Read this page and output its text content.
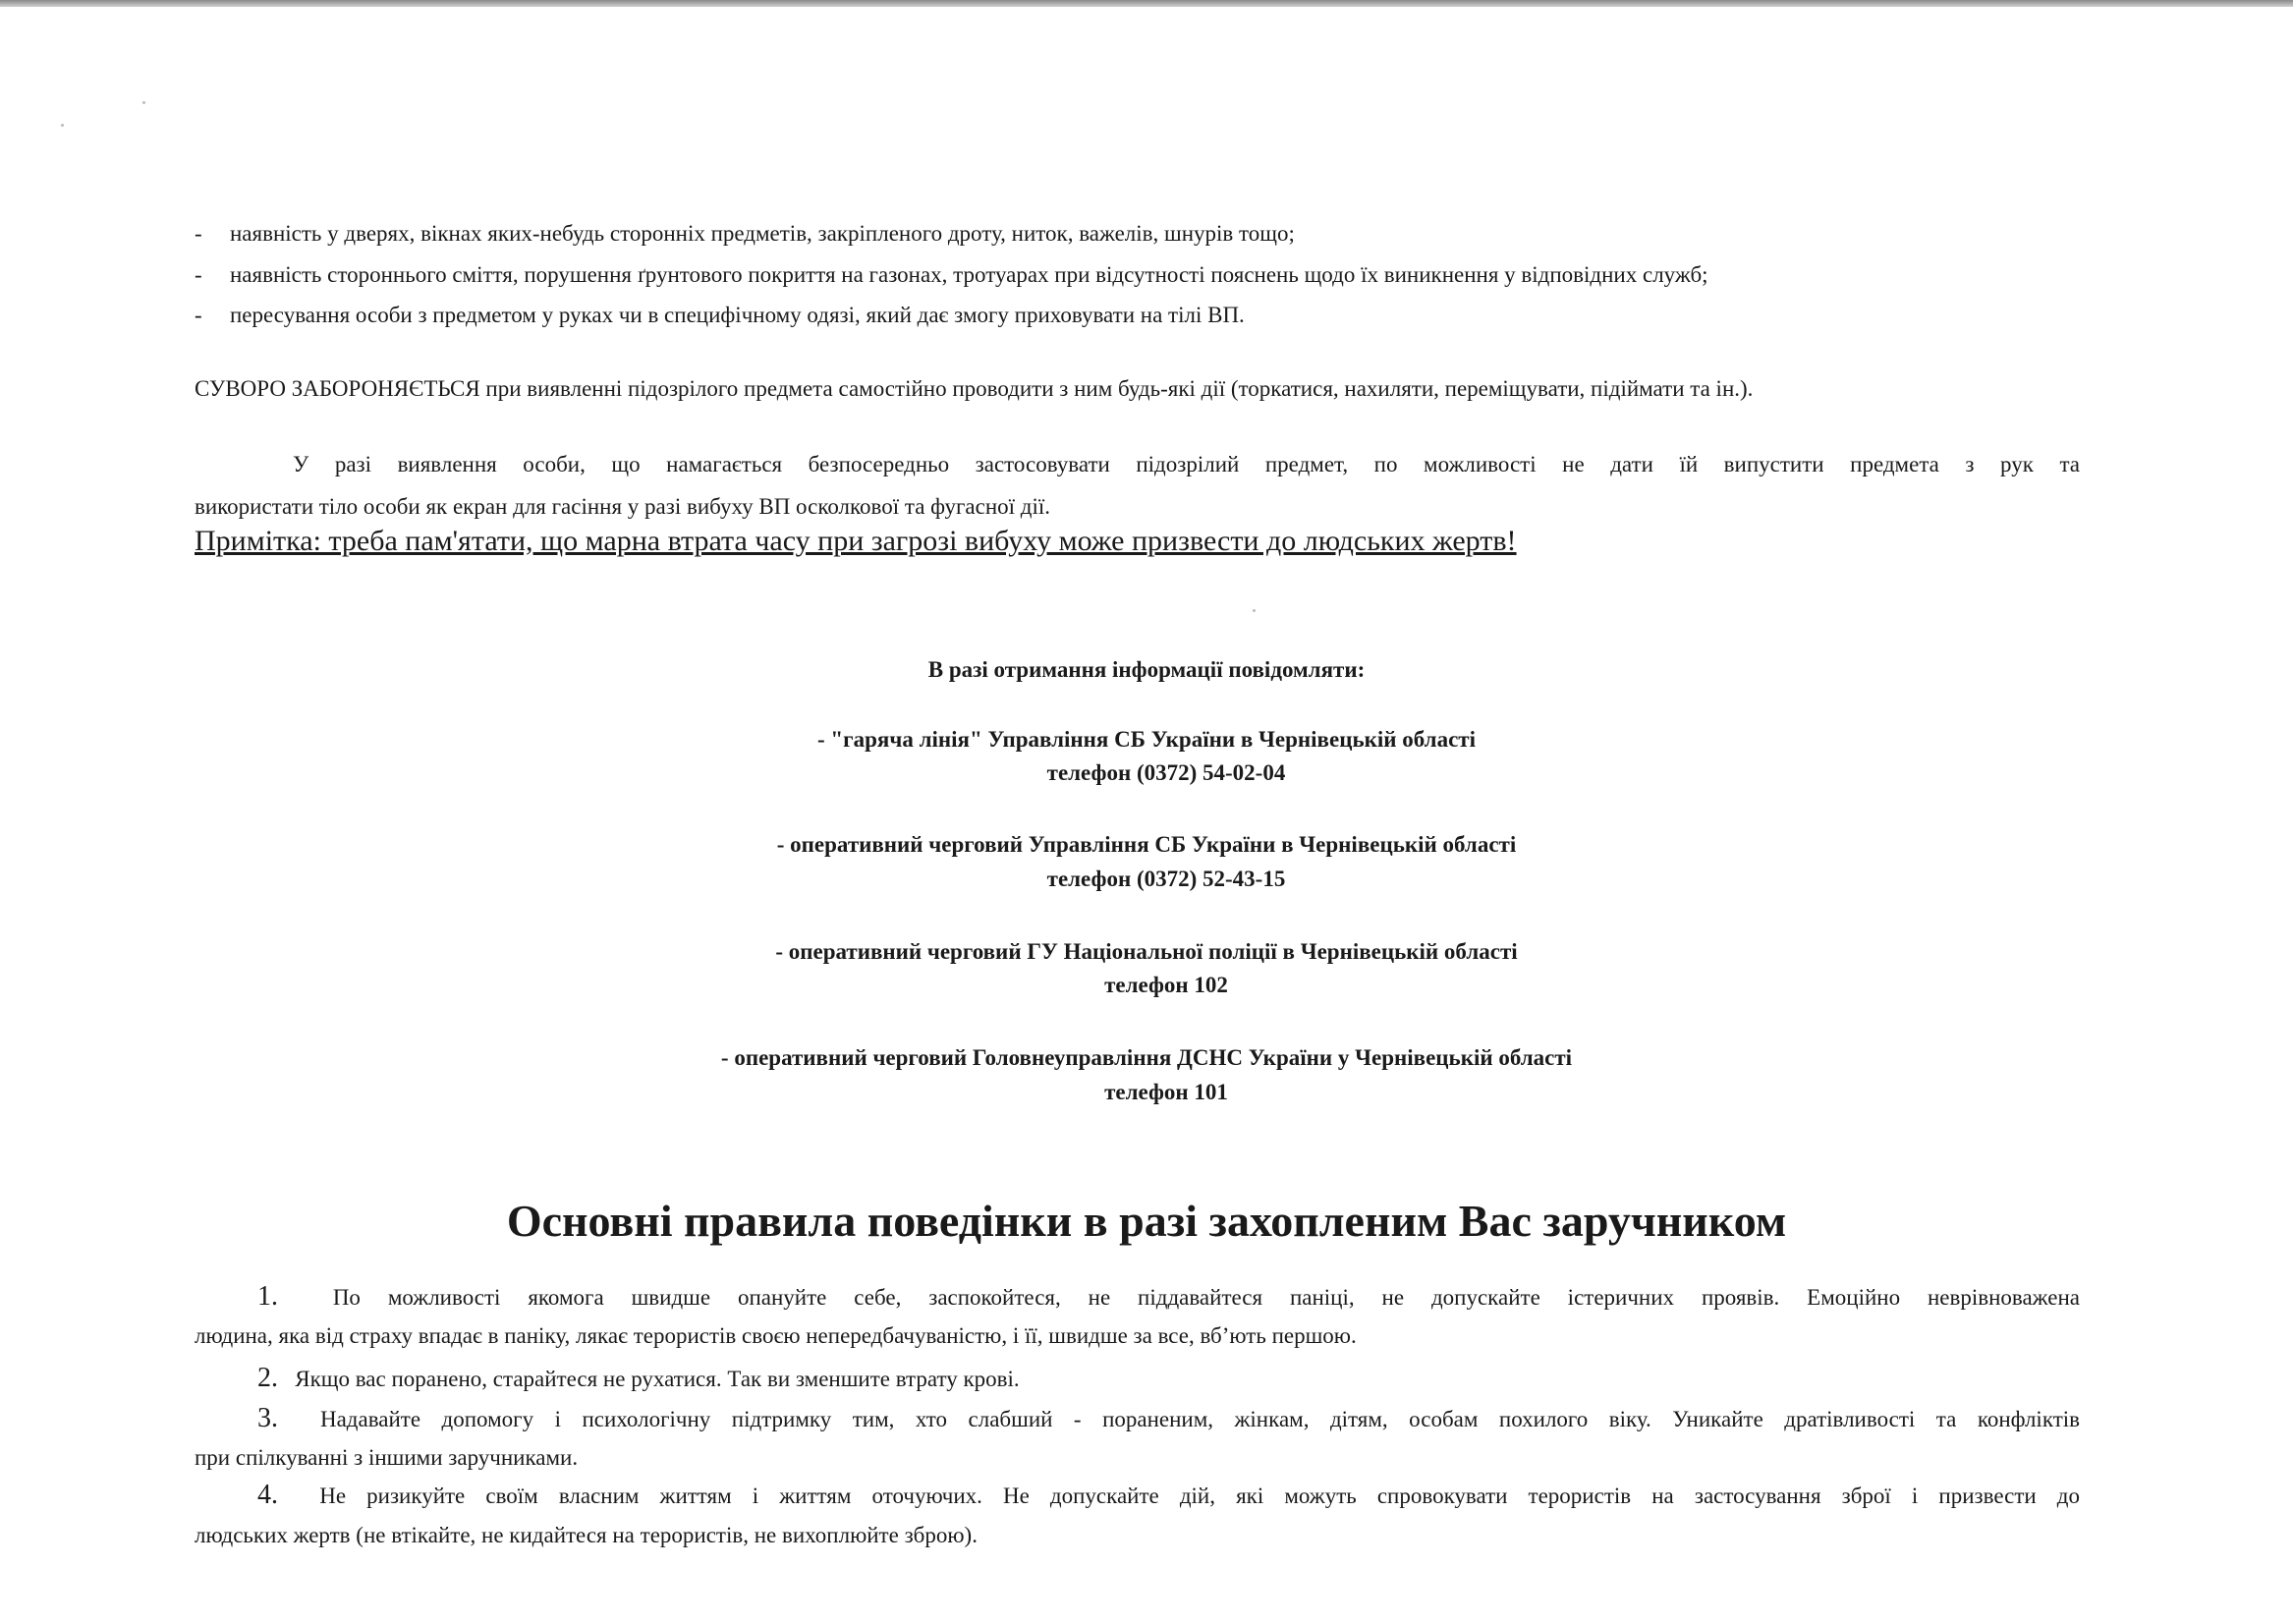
- наявність у дверях, вікнах яких-небудь сторонніх предметів, закріпленого дроту, ниток, важелів, шнурів тощо;
- наявність стороннього сміття, порушення ґрунтового покриття на газонах, тротуарах при відсутності пояснень щодо їх виникнення у відповідних служб;
- пересування особи з предметом у руках чи в специфічному одязі, який дає змогу приховувати на тілі ВП.
СУВОРО ЗАБОРОНЯЄТЬСЯ при виявленні підозрілого предмета самостійно проводити з ним будь-які дії (торкатися, нахиляти, переміщувати, підіймати та ін.).
У разі виявлення особи, що намагається безпосередньо застосовувати підозрілий предмет, по можливості не дати їй випустити предмета з рук та
використати тіло особи як екран для гасіння у разі вибуху ВП осколкової та фугасної дії.
Примітка: треба пам'ятати, що марна втрата часу при загрозі вибуху може призвести до людських жертв!
В разі отримання інформації повідомляти:
- "гаряча лінія" Управління СБ України в Чернівецькій області
телефон (0372) 54-02-04
- оперативний черговий Управління СБ України в Чернівецькій області
телефон (0372) 52-43-15
- оперативний черговий ГУ Національної поліції в Чернівецькій області
телефон 102
- оперативний черговий Головнеуправління ДСНС України у Чернівецькій області
телефон 101
Основні правила поведінки в разі захопленим Вас заручником
1. По можливості якомога швидше опануйте себе, заспокойтеся, не піддавайтеся паніці, не допускайте істеричних проявів. Емоційно неврівноважена
людина, яка від страху впадає в паніку, лякає терористів своєю непередбачуваністю, і її, швидше за все, вб’ють першою.
2. Якщо вас поранено, старайтеся не рухатися. Так ви зменшите втрату крові.
3. Надавайте допомогу і психологічну підтримку тим, хто слабший - пораненим, жінкам, дітям, особам похилого віку. Уникайте дратівливості та конфліктів
при спілкуванні з іншими заручниками.
4. Не ризикуйте своїм власним життям і життям оточуючих. Не допускайте дій, які можуть спровокувати терористів на застосування зброї і призвести до
людських жертв (не втікайте, не кидайтеся на терористів, не вихоплюйте зброю).
